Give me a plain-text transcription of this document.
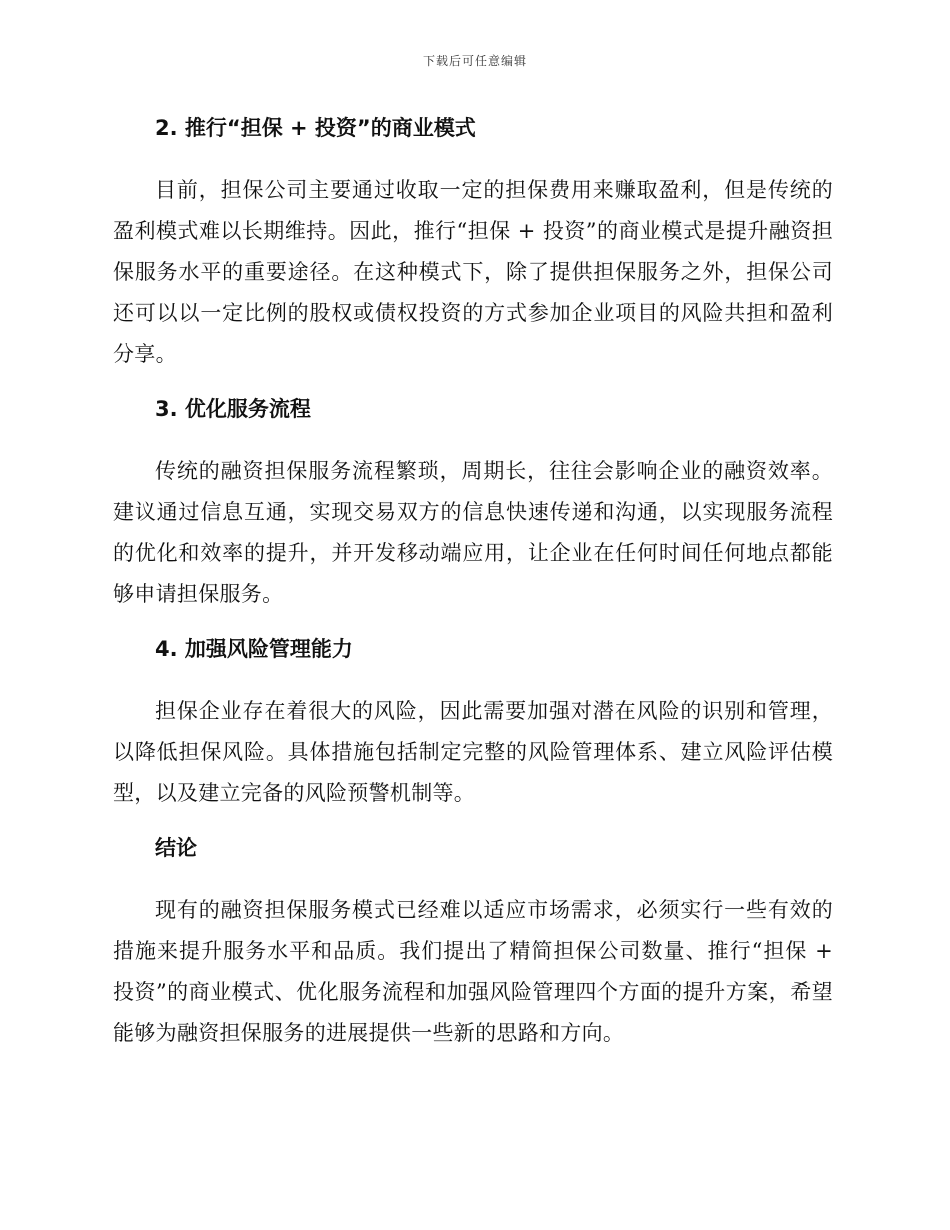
下载后可任意编辑
2. 推行“担保 + 投资”的商业模式

目前，担保公司主要通过收取一定的担保费用来赚取盈利，但是传统的盈利模式难以长期维持。因此，推行“担保 + 投资”的商业模式是提升融资担保服务水平的重要途径。在这种模式下，除了提供担保服务之外，担保公司还可以以一定比例的股权或债权投资的方式参加企业项目的风险共担和盈利分享。

3. 优化服务流程

传统的融资担保服务流程繁琐，周期长，往往会影响企业的融资效率。建议通过信息互通，实现交易双方的信息快速传递和沟通，以实现服务流程的优化和效率的提升，并开发移动端应用，让企业在任何时间任何地点都能够申请担保服务。

4. 加强风险管理能力

担保企业存在着很大的风险，因此需要加强对潜在风险的识别和管理，以降低担保风险。具体措施包括制定完整的风险管理体系、建立风险评估模型，以及建立完备的风险预警机制等。

结论

现有的融资担保服务模式已经难以适应市场需求，必须实行一些有效的措施来提升服务水平和品质。我们提出了精简担保公司数量、推行“担保 + 投资”的商业模式、优化服务流程和加强风险管理四个方面的提升方案，希望能够为融资担保服务的进展提供一些新的思路和方向。
